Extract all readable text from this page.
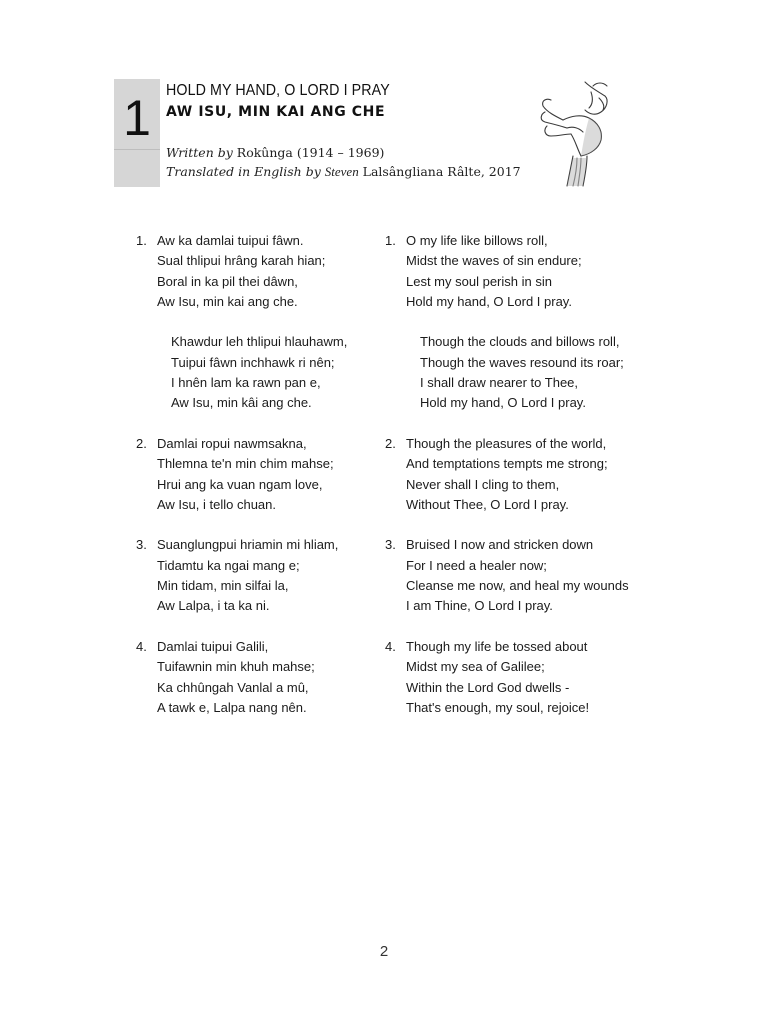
1 HOLD MY HAND, O LORD I PRAY
AW ISU, MIN KAI ANG CHE
Written by Rokûnga (1914 – 1969)
Translated in English by Steven Lalsângliana Râlte, 2017
1. Aw ka damlai tuipui fâwn.
Sual thlipui hrâng karah hian;
Boral in ka pil thei dâwn,
Aw Isu, min kai ang che.
Khawdur leh thlipui hlauhawm,
Tuipui fâwn inchhawk ri nên;
I hnên lam ka rawn pan e,
Aw Isu, min kâi ang che.
2. Damlai ropui nawmsakna,
Thlemna te'n min chim mahse;
Hrui ang ka vuan ngam love,
Aw Isu, i tello chuan.
3. Suanglungpui hriamin mi hliam,
Tidamtu ka ngai mang e;
Min tidam, min silfai la,
Aw Lalpa, i ta ka ni.
4. Damlai tuipui Galili,
Tuifawnin min khuh mahse;
Ka chhûngah Vanlal a mû,
A tawk e, Lalpa nang nên.
1. O my life like billows roll,
Midst the waves of sin endure;
Lest my soul perish in sin
Hold my hand, O Lord I pray.
Though the clouds and billows roll,
Though the waves resound its roar;
I shall draw nearer to Thee,
Hold my hand, O Lord I pray.
2. Though the pleasures of the world,
And temptations tempts me strong;
Never shall I cling to them,
Without Thee, O Lord I pray.
3. Bruised I now and stricken down
For I need a healer now;
Cleanse me now, and heal my wounds
I am Thine, O Lord I pray.
4. Though my life be tossed about
Midst my sea of Galilee;
Within the Lord God dwells -
That's enough, my soul, rejoice!
2
